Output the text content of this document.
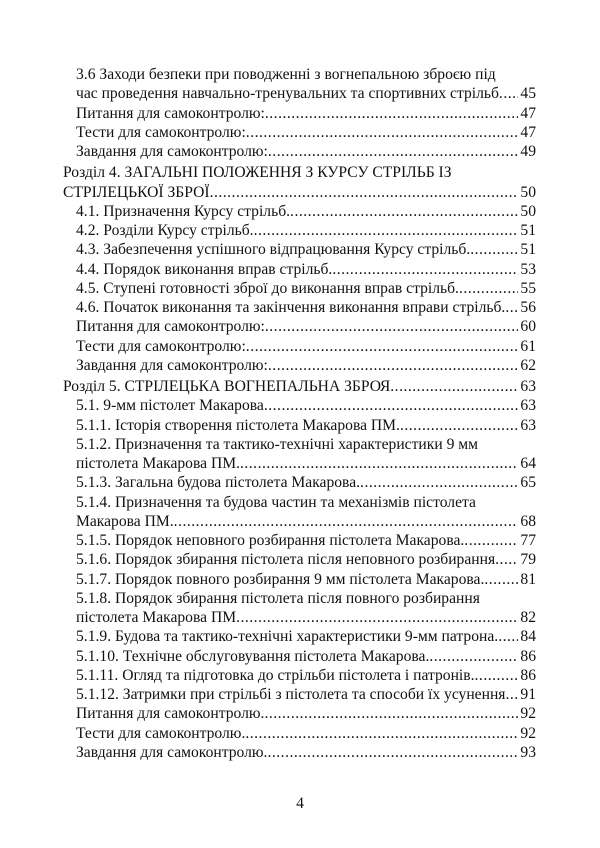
3.6 Заходи безпеки при поводженні з вогнепальною зброєю під
час проведення навчально-тренувальних та спортивних стрільб ..... 45
Питання для самоконтролю: .....	47
Тести для самоконтролю: .....	47
Завдання для самоконтролю: .....	49
Розділ 4. ЗАГАЛЬНІ ПОЛОЖЕННЯ З КУРСУ СТРІЛЬБ ІЗ
СТРІЛЕЦЬКОЇ ЗБРОЇ .....	50
4.1. Призначення Курсу стрільб. .....	50
4.2. Розділи Курсу стрільб. .....	51
4.3. Забезпечення успішного відпрацювання Курсу стрільб. .....	51
4.4. Порядок виконання вправ стрільб. .....	53
4.5. Ступені готовності зброї до виконання вправ стрільб. .....	55
4.6. Початок виконання та закінчення виконання вправи стрільб. ..... 56
Питання для самоконтролю: .....	60
Тести для самоконтролю: .....	61
Завдання для самоконтролю: .....	62
Розділ 5. СТРІЛЕЦЬКА ВОГНЕПАЛЬНА ЗБРОЯ .....	63
5.1. 9-мм пістолет Макарова .....	63
5.1.1. Історія створення пістолета Макарова ПМ. .....	63
5.1.2. Призначення та тактико-технічні характеристики 9 мм
пістолета Макарова ПМ. .....	64
5.1.3. Загальна будова пістолета Макарова. .....	65
5.1.4. Призначення та будова частин та механізмів пістолета
Макарова ПМ. .....	68
5.1.5. Порядок неповного розбирання пістолета Макарова. .....	77
5.1.6. Порядок збирання пістолета після неповного розбирання ..... 79
5.1.7. Порядок повного розбирання 9 мм пістолета Макарова. ..... 81
5.1.8. Порядок збирання пістолета після повного розбирання
пістолета Макарова ПМ .....	82
5.1.9. Будова та тактико-технічні характеристики 9-мм патрона. ..... 84
5.1.10. Технічне обслуговування пістолета Макарова. .....	86
5.1.11. Огляд та підготовка до стрільби пістолета і патронів. .....	86
5.1.12. Затримки при стрільбі з пістолета та способи їх усунення ..... 91
Питання для самоконтролю. .....	92
Тести для самоконтролю. .....	92
Завдання для самоконтролю. .....	93
4
